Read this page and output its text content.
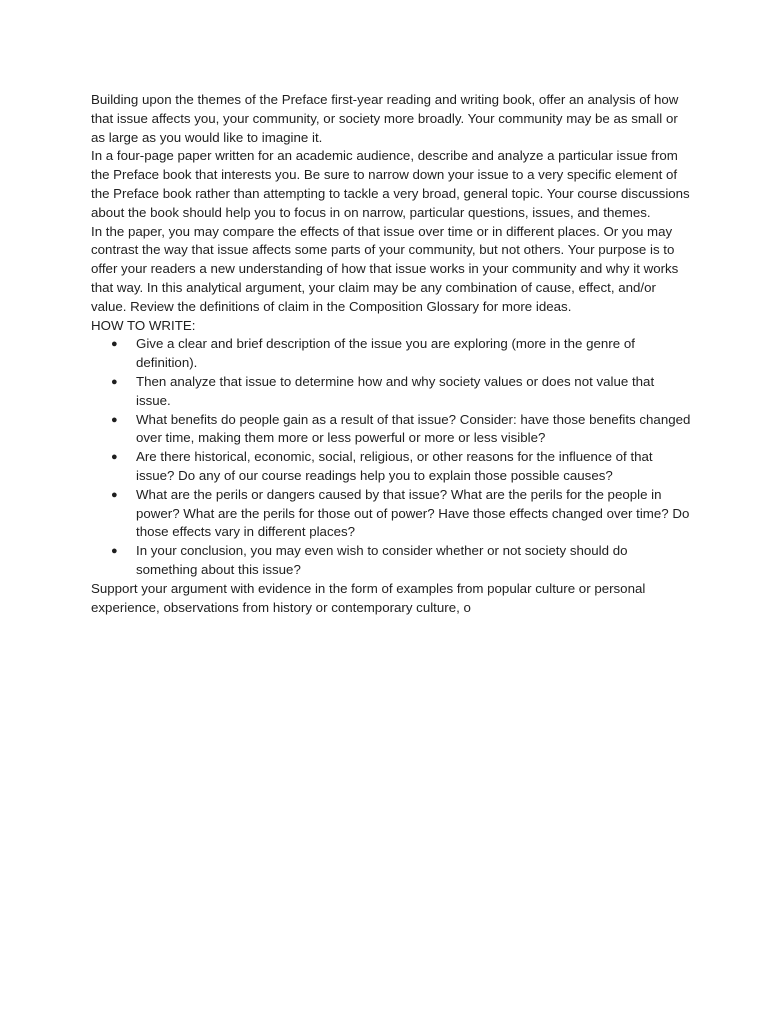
Building upon the themes of the Preface first-year reading and writing book, offer an analysis of how that issue affects you, your community, or society more broadly. Your community may be as small or as large as you would like to imagine it.

In a four-page paper written for an academic audience, describe and analyze a particular issue from the Preface book that interests you. Be sure to narrow down your issue to a very specific element of the Preface book rather than attempting to tackle a very broad, general topic. Your course discussions about the book should help you to focus in on narrow, particular questions, issues, and themes.

In the paper, you may compare the effects of that issue over time or in different places. Or you may contrast the way that issue affects some parts of your community, but not others. Your purpose is to offer your readers a new understanding of how that issue works in your community and why it works that way. In this analytical argument, your claim may be any combination of cause, effect, and/or value. Review the definitions of claim in the Composition Glossary for more ideas.

HOW TO WRITE:

● Give a clear and brief description of the issue you are exploring (more in the genre of definition).
● Then analyze that issue to determine how and why society values or does not value that issue.
● What benefits do people gain as a result of that issue? Consider: have those benefits changed over time, making them more or less powerful or more or less visible?
● Are there historical, economic, social, religious, or other reasons for the influence of that issue? Do any of our course readings help you to explain those possible causes?
● What are the perils or dangers caused by that issue? What are the perils for the people in power? What are the perils for those out of power? Have those effects changed over time? Do those effects vary in different places?
● In your conclusion, you may even wish to consider whether or not society should do something about this issue?

Support your argument with evidence in the form of examples from popular culture or personal experience, observations from history or contemporary culture, o
